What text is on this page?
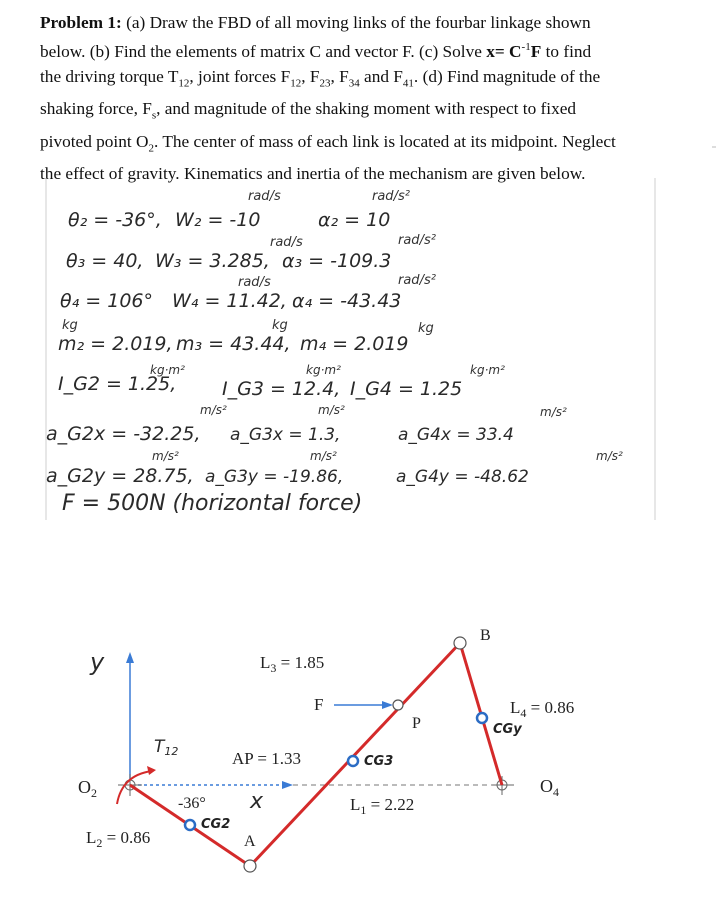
Problem 1: (a) Draw the FBD of all moving links of the fourbar linkage shown
below. (b) Find the elements of matrix C and vector F. (c) Solve $x= C^{-1}F$ to find
the driving torque $T_{12}$, joint forces $F_{12}$, $F_{23}$, $F_{34}$ and $F_{41}$. (d) Find magnitude of the
shaking force, $F_s$, and magnitude of the shaking moment with respect to fixed
pivoted point $O_2$. The center of mass of each link is located at its midpoint. Neglect
the effect of gravity. Kinematics and inertia of the mechanism are given below.
θ₂ = -36°, W₂ = -10
rad/s
α₂ = 10
rad/s²
θ₃ = 40, W₃ = 3.285,
rad/s
α₃ = -109.3
rad/s²
θ₄ = 106° W₄ = 11.42,
rad/s
α₄ = -43.43
rad/s²
m₂ = 2.019,
kg
m₃ = 43.44,
kg
m₄ = 2.019
kg
I_G2 = 1.25,
kg·m²
I_G3 = 12.4,
kg·m²
I_G4 = 1.25
kg·m²
a_G2x = -32.25,
m/s²
a_G3x = 1.3,
m/s²
a_G4x = 33.4
m/s²
a_G2y = 28.75,
m/s²
a_G3y = -19.86,
m/s²
a_G4y = -48.62
m/s²
F = 500N (horizontal force)
y
x
$O_2$	$O_4$
A
B
P
T12
-36°
CG2
$L_2 = 0.86$
AP = 1.33	CG3
$L_1 = 2.22$
$L_3 = 1.85$
F
CGy
$L_4 = 0.86$
